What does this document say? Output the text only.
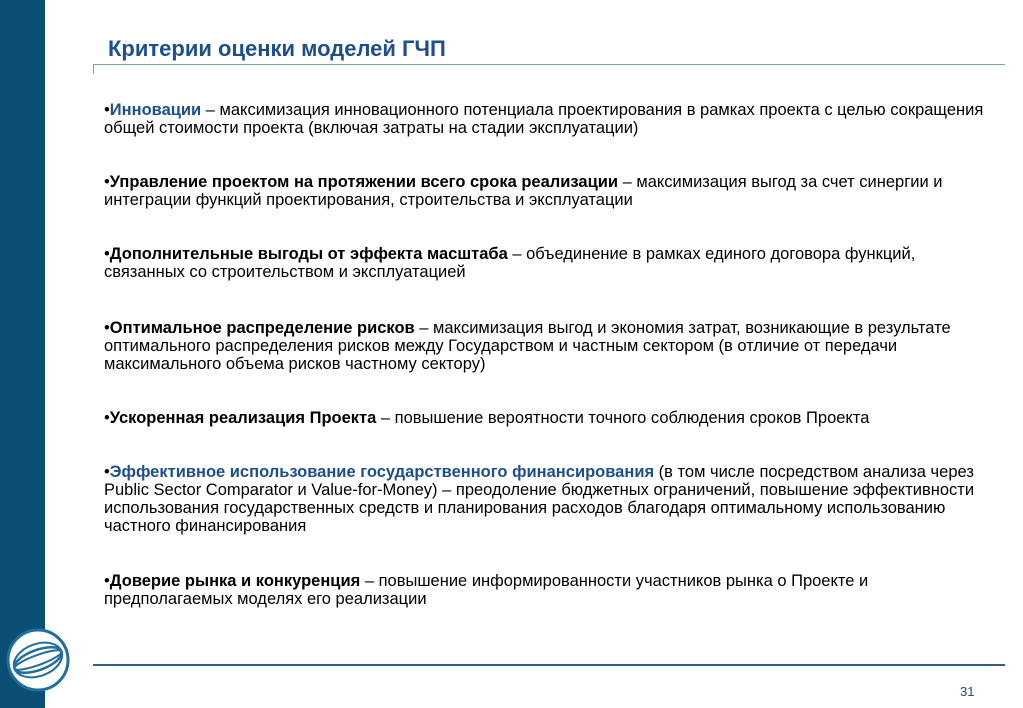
Критерии оценки моделей ГЧП

•Инновации – максимизация инновационного потенциала проектирования в рамках проекта с целью сокращения общей стоимости проекта (включая затраты на стадии эксплуатации)

•Управление проектом на протяжении всего срока реализации – максимизация выгод за счет синергии и интеграции функций проектирования, строительства и эксплуатации

•Дополнительные выгоды от эффекта масштаба – объединение в рамках единого договора функций, связанных со строительством и эксплуатацией

•Оптимальное распределение рисков – максимизация выгод и экономия затрат, возникающие в результате оптимального распределения рисков между Государством и частным сектором (в отличие от передачи максимального объема рисков частному сектору)

•Ускоренная реализация Проекта – повышение вероятности точного соблюдения сроков Проекта

•Эффективное использование государственного финансирования (в том числе посредством анализа через Public Sector Comparator и Value-for-Money) – преодоление бюджетных ограничений, повышение эффективности использования государственных средств и планирования расходов благодаря оптимальному использованию частного финансирования

•Доверие рынка и конкуренция – повышение информированности участников рынка о Проекте и предполагаемых моделях его реализации

31
